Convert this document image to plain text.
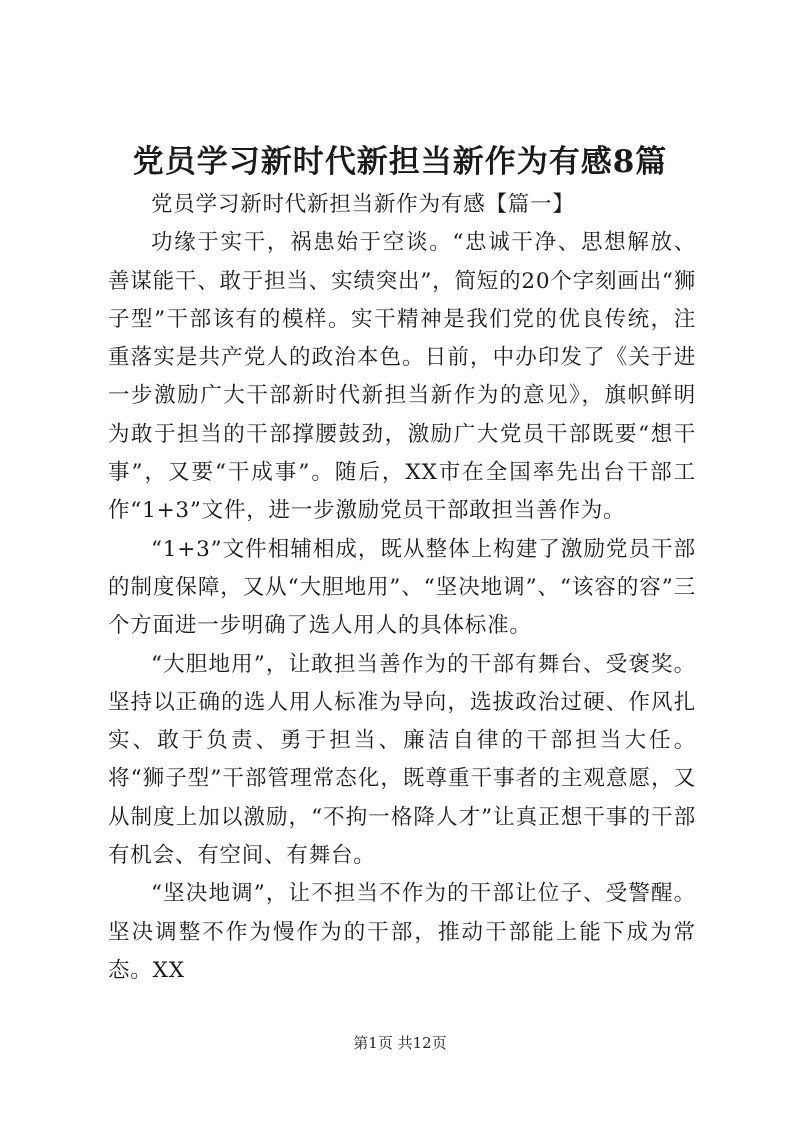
党员学习新时代新担当新作为有感8篇

党员学习新时代新担当新作为有感【篇一】

功缘于实干，祸患始于空谈。“忠诚干净、思想解放、善谋能干、敢于担当、实绩突出”，简短的20个字刻画出“狮子型”干部该有的模样。实干精神是我们党的优良传统，注重落实是共产党人的政治本色。日前，中办印发了《关于进一步激励广大干部新时代新担当新作为的意见》，旗帜鲜明为敢于担当的干部撑腰鼓劲，激励广大党员干部既要“想干事”，又要“干成事”。随后，XX市在全国率先出台干部工作“1+3”文件，进一步激励党员干部敢担当善作为。

“1+3”文件相辅相成，既从整体上构建了激励党员干部的制度保障，又从“大胆地用”、“坚决地调”、“该容的容”三个方面进一步明确了选人用人的具体标准。

“大胆地用”，让敢担当善作为的干部有舞台、受褒奖。坚持以正确的选人用人标准为导向，选拔政治过硬、作风扎实、敢于负责、勇于担当、廉洁自律的干部担当大任。将“狮子型”干部管理常态化，既尊重干事者的主观意愿，又从制度上加以激励，“不拘一格降人才”让真正想干事的干部有机会、有空间、有舞台。

“坚决地调”，让不担当不作为的干部让位子、受警醒。坚决调整不作为慢作为的干部，推动干部能上能下成为常态。XX

第1页 共12页
